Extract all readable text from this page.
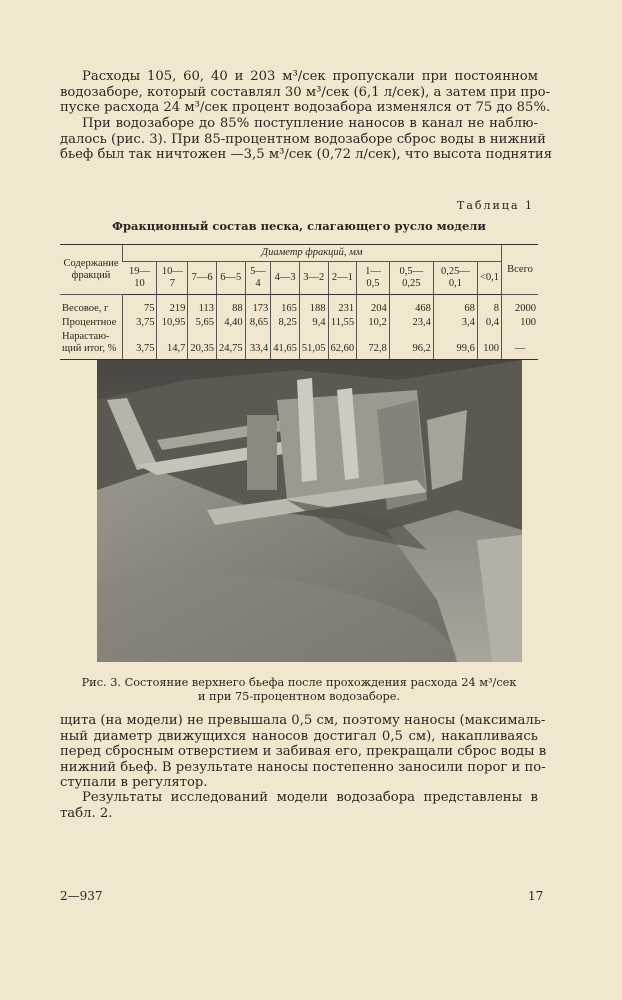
Расходы 105, 60, 40 и 203 м³/сек пропускали при постоянном
водозаборе, который составлял 30 м³/сек (6,1 л/сек), а затем при про-
пуске расхода 24 м³/сек процент водозабора изменялся от 75 до 85%.

При водозаборе до 85% поступление наносов в канал не наблю-
далось (рис. 3). При 85-процентном водозаборе сброс воды в нижний
бьеф был так ничтожен —3,5 м³/сек (0,72 л/сек), что высота поднятия

Таблица 1
Фракционный состав песка, слагающего русло модели
Содержание фракций	Диаметр фракций, мм												Всего
	19—10	10—7	7—6	6—5	5—4	4—3	3—2	2—1	1—0,5	0,5—0,25	0,25—0,1	<0,1	
Весовое, г	75	219	113	88	173	165	188	231	204	468	68	8	2000
Процентное	3,75	10,95	5,65	4,40	8,65	8,25	9,4	11,55	10,2	23,4	3,4	0,4	100
Нарастаю-щий итог, %	3,75	14,7	20,35	24,75	33,4	41,65	51,05	62,60	72,8	96,2	99,6	100	—
Рис. 3. Состояние верхнего бьефа после прохождения расхода 24 м³/сек
и при 75-процентном водозаборе.

щита (на модели) не превышала 0,5 см, поэтому наносы (максималь-
ный диаметр движущихся наносов достигал 0,5 см), накапливаясь
перед сбросным отверстием и забивая его, прекращали сброс воды в
нижний бьеф. В результате наносы постепенно заносили порог и по-
ступали в регулятор.

Результаты исследований модели водозабора представлены в
табл. 2.

2—937	17
